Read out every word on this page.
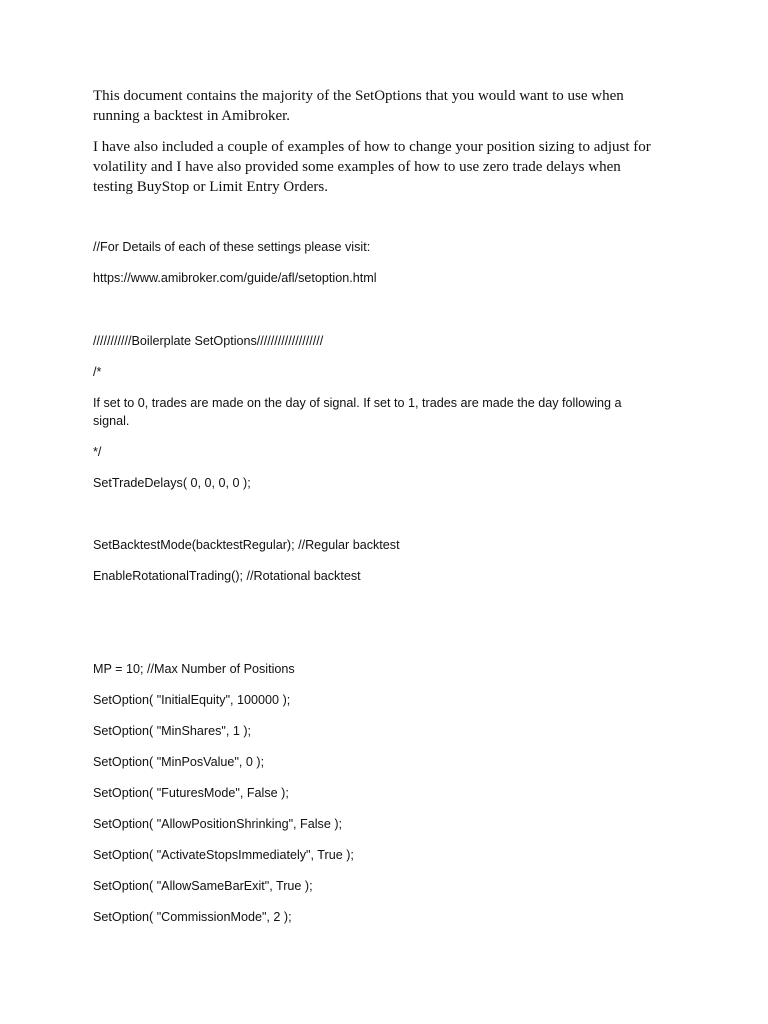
This document contains the majority of the SetOptions that you would want to use when
running a backtest in Amibroker.

I have also included a couple of examples of how to change your position sizing to adjust for
volatility and I have also provided some examples of how to use zero trade delays when
testing BuyStop or Limit Entry Orders.

//For Details of each of these settings please visit:
https://www.amibroker.com/guide/afl/setoption.html
///////////Boilerplate SetOptions///////////////////
/*

If set to 0, trades are made on the day of signal. If set to 1, trades are made the day following a
signal.

*/
SetTradeDelays( 0, 0, 0, 0 );
SetBacktestMode(backtestRegular); //Regular backtest
EnableRotationalTrading(); //Rotational backtest
MP = 10; //Max Number of Positions
SetOption( "InitialEquity", 100000 );
SetOption( "MinShares", 1 );
SetOption( "MinPosValue", 0 );
SetOption( "FuturesMode", False );
SetOption( "AllowPositionShrinking", False );
SetOption( "ActivateStopsImmediately", True );
SetOption( "AllowSameBarExit", True );
SetOption( "CommissionMode", 2 );
